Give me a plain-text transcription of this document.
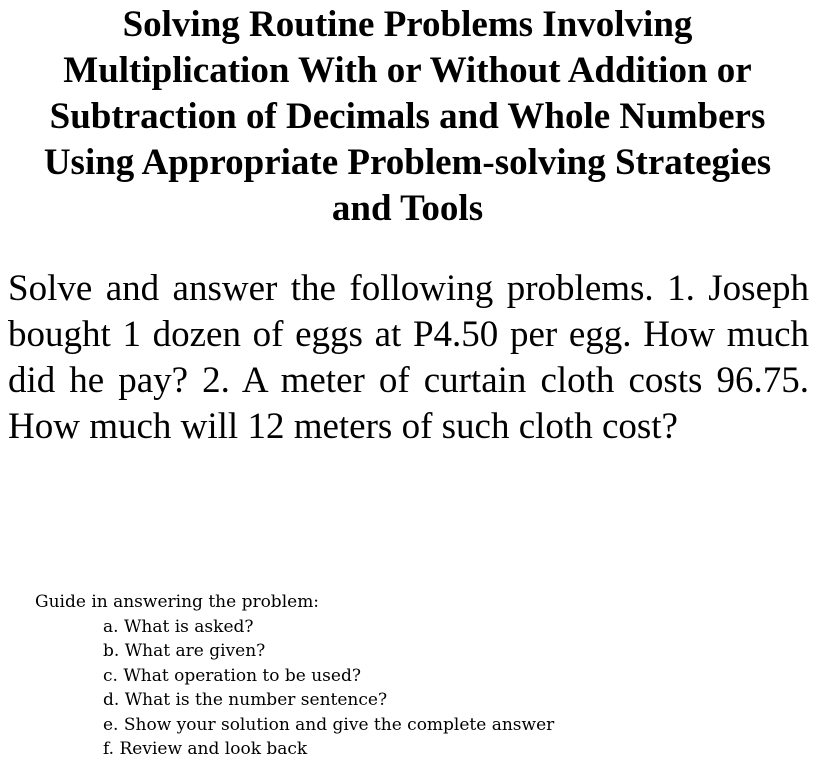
Solving Routine Problems Involving
Multiplication With or Without Addition or
Subtraction of Decimals and Whole Numbers
Using Appropriate Problem-solving Strategies
and Tools

Solve and answer the following problems. 1. Joseph bought 1 dozen of eggs at P4.50 per egg. How much did he pay? 2. A meter of curtain cloth costs 96.75. How much will 12 meters of such cloth cost?

Guide in answering the problem:

a. What is asked?
b. What are given?
c. What operation to be used?
d. What is the number sentence?
e. Show your solution and give the complete answer
f. Review and look back
